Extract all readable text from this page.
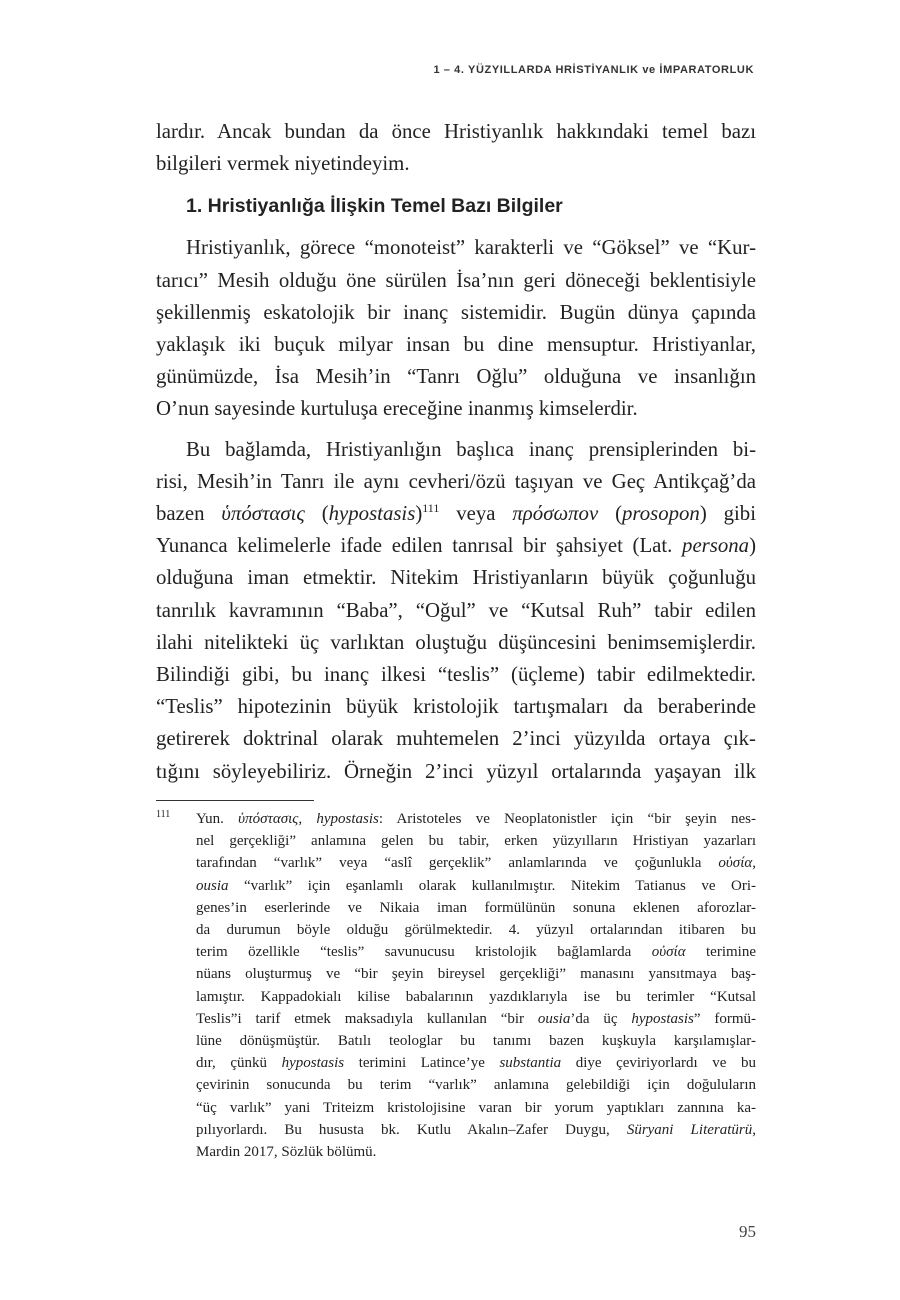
1 – 4. YÜZYILLARDA HRİSTİYANLIK ve İMPARATORLUK

lardır. Ancak bundan da önce Hristiyanlık hakkındaki temel bazı
bilgileri vermek niyetindeyim.

1. Hristiyanlığa İlişkin Temel Bazı Bilgiler

Hristiyanlık, görece “monoteist” karakterli ve “Göksel” ve “Kur-
tarıcı” Mesih olduğu öne sürülen İsa’nın geri döneceği beklentisiyle
şekillenmiş eskatolojik bir inanç sistemidir. Bugün dünya çapında
yaklaşık iki buçuk milyar insan bu dine mensuptur. Hristiyanlar,
günümüzde, İsa Mesih’in “Tanrı Oğlu” olduğuna ve insanlığın
O’nun sayesinde kurtuluşa ereceğine inanmış kimselerdir.

Bu bağlamda, Hristiyanlığın başlıca inanç prensiplerinden bi-
risi, Mesih’in Tanrı ile aynı cevheri/özü taşıyan ve Geç Antikçağ’da
bazen ὑπόστασις (hypostasis)$^{111}$ veya πρόσωπον (prosopon) gibi
Yunanca kelimelerle ifade edilen tanrısal bir şahsiyet (Lat. persona)
olduğuna iman etmektir. Nitekim Hristiyanların büyük çoğunluğu
tanrılık kavramının “Baba”, “Oğul” ve “Kutsal Ruh” tabir edilen
ilahi nitelikteki üç varlıktan oluştuğu düşüncesini benimsemişlerdir.
Bilindiği gibi, bu inanç ilkesi “teslis” (üçleme) tabir edilmektedir.
“Teslis” hipotezinin büyük kristolojik tartışmaları da beraberinde
getirerek doktrinal olarak muhtemelen 2’inci yüzyılda ortaya çık-
tığını söyleyebiliriz. Örneğin 2’inci yüzyıl ortalarında yaşayan ilk

111 Yun. ὑπόστασις, hypostasis: Aristoteles ve Neoplatonistler için “bir şeyin nes-
nel gerçekliği” anlamına gelen bu tabir, erken yüzyılların Hristiyan yazarları
tarafından “varlık” veya “aslî gerçeklik” anlamlarında ve çoğunlukla οὐσία,
ousia “varlık” için eşanlamlı olarak kullanılmıştır. Nitekim Tatianus ve Ori-
genes’in eserlerinde ve Nikaia iman formülünün sonuna eklenen aforozlar-
da durumun böyle olduğu görülmektedir. 4. yüzyıl ortalarından itibaren bu
terim özellikle “teslis” savunucusu kristolojik bağlamlarda οὐσία terimine
nüans oluşturmuş ve “bir şeyin bireysel gerçekliği” manasını yansıtmaya baş-
lamıştır. Kappadokialı kilise babalarının yazdıklarıyla ise bu terimler “Kutsal
Teslis”i tarif etmek maksadıyla kullanılan “bir ousia’da üç hypostasis” formü-
lüne dönüşmüştür. Batılı teologlar bu tanımı bazen kuşkuyla karşılamışlar-
dır, çünkü hypostasis terimini Latince’ye substantia diye çeviriyorlardı ve bu
çevirinin sonucunda bu terim “varlık” anlamına gelebildiği için doğuluların
“üç varlık” yani Triteizm kristolojisine varan bir yorum yaptıkları zannına ka-
pılıyorlardı. Bu hususta bk. Kutlu Akalın–Zafer Duygu, Süryani Literatürü,
Mardin 2017, Sözlük bölümü.
95
